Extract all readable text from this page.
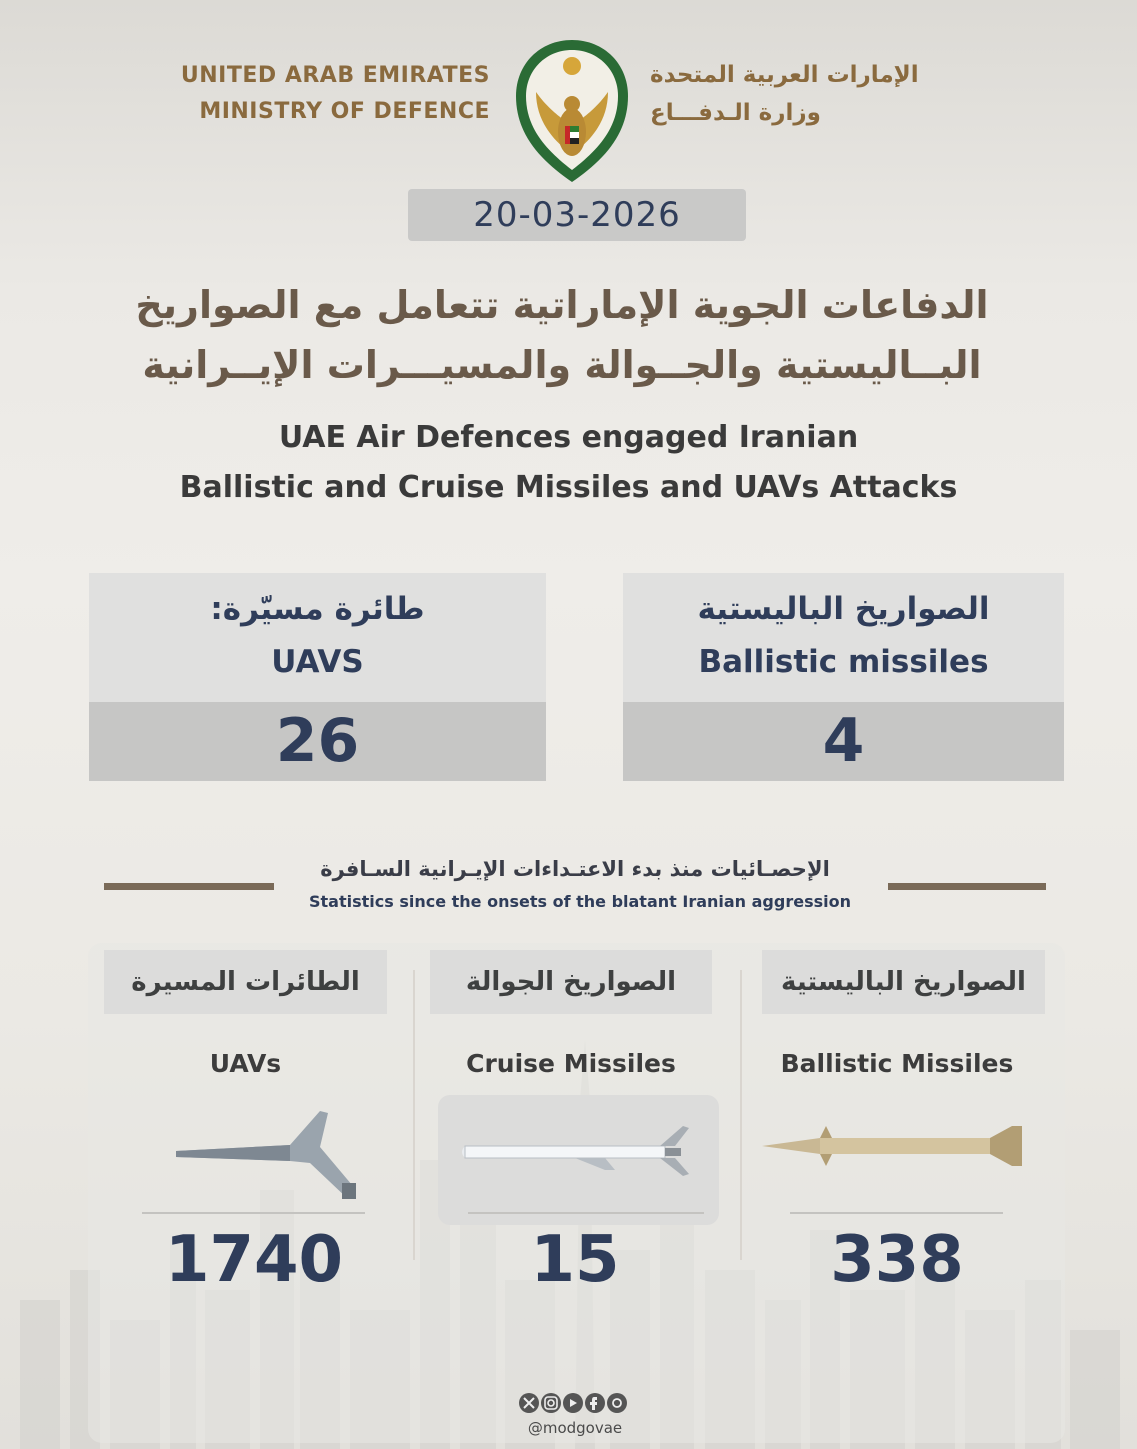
UNITED ARAB EMIRATES
MINISTRY OF DEFENCE
الإمارات العربية المتحدة
وزارة الـدفـــاع
20-03-2026
الدفاعات الجوية الإماراتية تتعامل مع الصواريخ
البــاليستية والجــوالة والمسيـــرات الإيــرانية
UAE Air Defences engaged Iranian
Ballistic and Cruise Missiles and UAVs Attacks
طائرة مسيّرة:
UAVS
26
الصواريخ الباليستية
Ballistic missiles
4
الإحصـائيات منذ بدء الاعتـداءات الإيـرانية السـافرة
Statistics since the onsets of the blatant Iranian aggression
الطائرات المسيرة
UAVs
1740
الصواريخ الجوالة
Cruise Missiles
15
الصواريخ الباليستية
Ballistic Missiles
338
@modgovae
